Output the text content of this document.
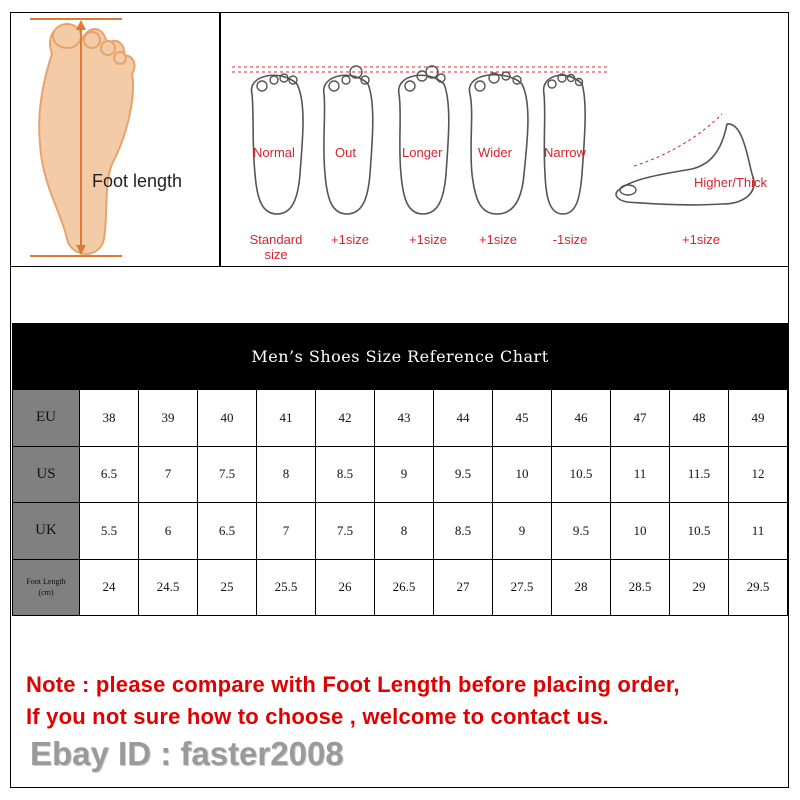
Foot length
Normal	Out	Longer	Wider Narrow
Higher/Thick
Standard
size
+1size	+1size	+1size	-1size	+1size
Men’s Shoes Size Reference Chart
EU	38	39	40	41	42	43	44	45	46	47	48	49
US	6.5	7	7.5	8	8.5	9	9.5	10	10.5	11	11.5	12
UK	5.5	6	6.5	7	7.5	8	8.5	9	9.5	10	10.5	11
Foot Length
(cm)	24	24.5	25	25.5	26	26.5	27	27.5	28	28.5	29	29.5
Note : please compare with Foot Length before placing order,
If you not sure how to choose , welcome to contact us.
Ebay ID : faster2008
